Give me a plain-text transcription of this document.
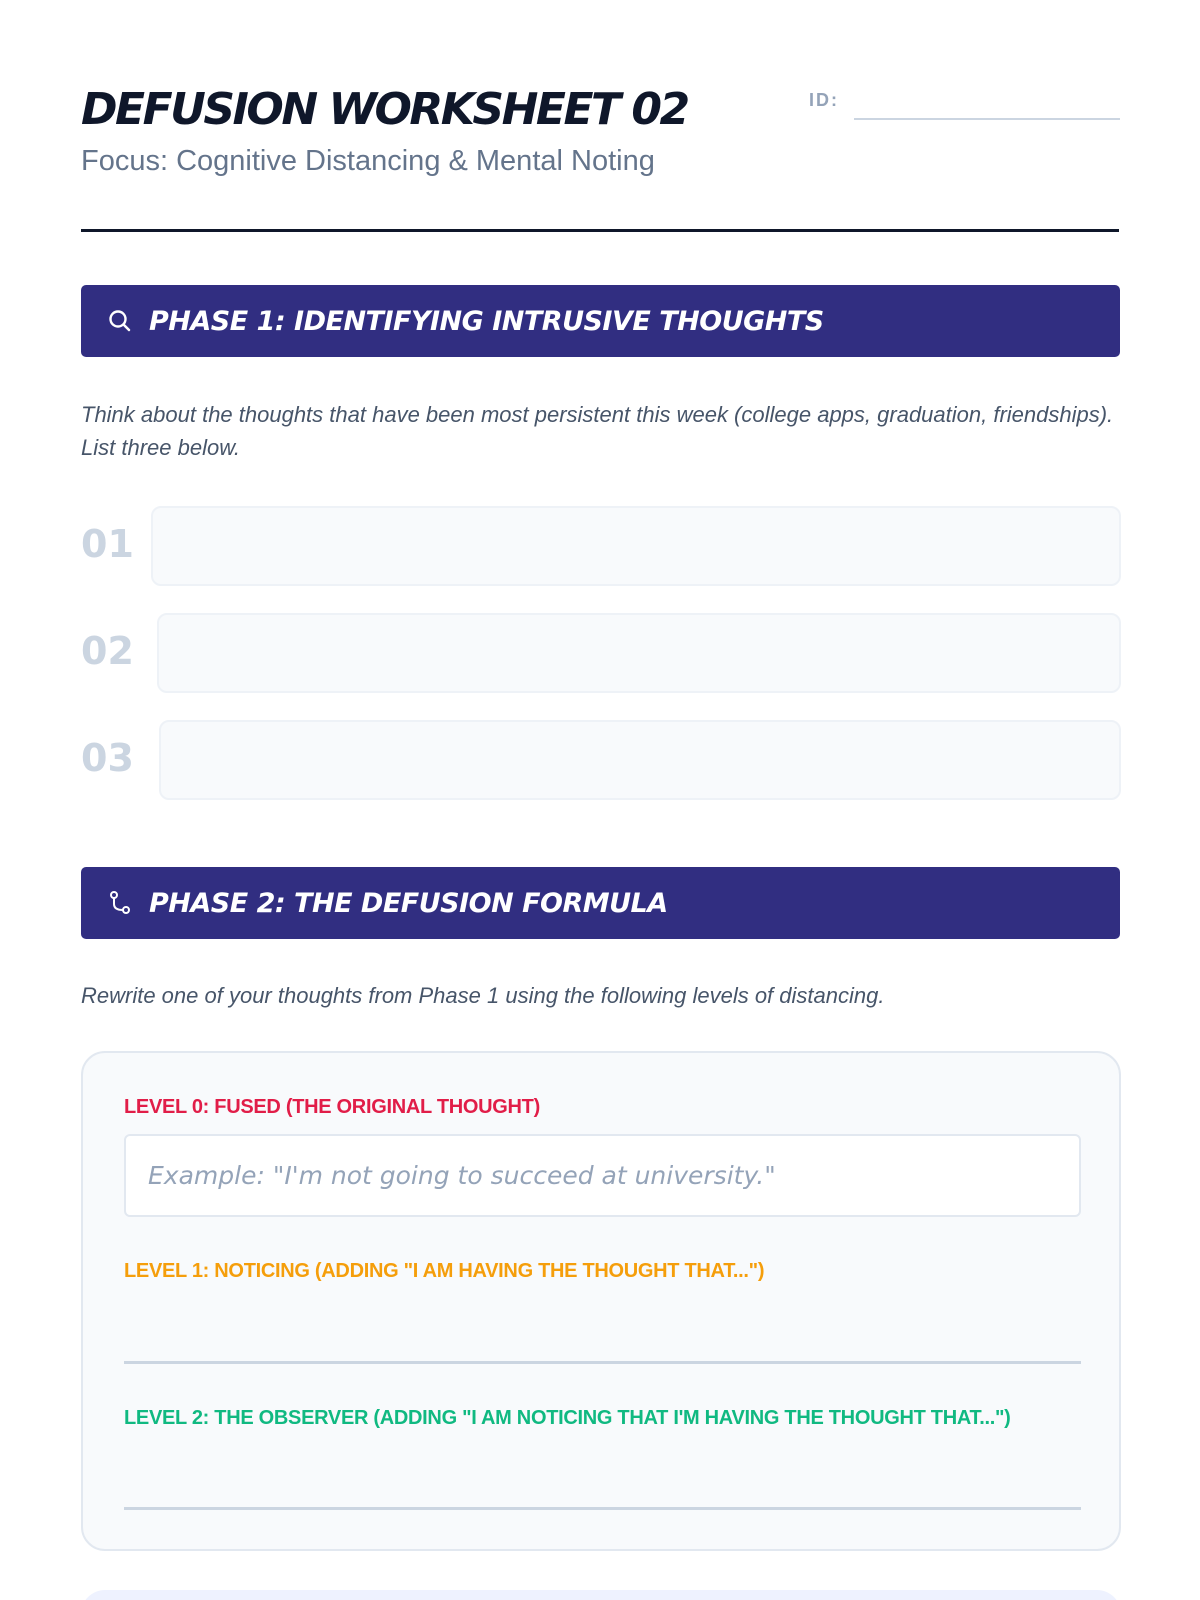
DEFUSION WORKSHEET 02
Focus: Cognitive Distancing & Mental Noting
ID:
PHASE 1: IDENTIFYING INTRUSIVE THOUGHTS

Think about the thoughts that have been most persistent this week (college apps, graduation, friendships). List three below.

01
02
03
PHASE 2: THE DEFUSION FORMULA

Rewrite one of your thoughts from Phase 1 using the following levels of distancing.

LEVEL 0: FUSED (THE ORIGINAL THOUGHT)
Example: "I'm not going to succeed at university."
LEVEL 1: NOTICING (ADDING "I AM HAVING THE THOUGHT THAT...")
LEVEL 2: THE OBSERVER (ADDING "I AM NOTICING THAT I'M HAVING THE THOUGHT THAT...")
